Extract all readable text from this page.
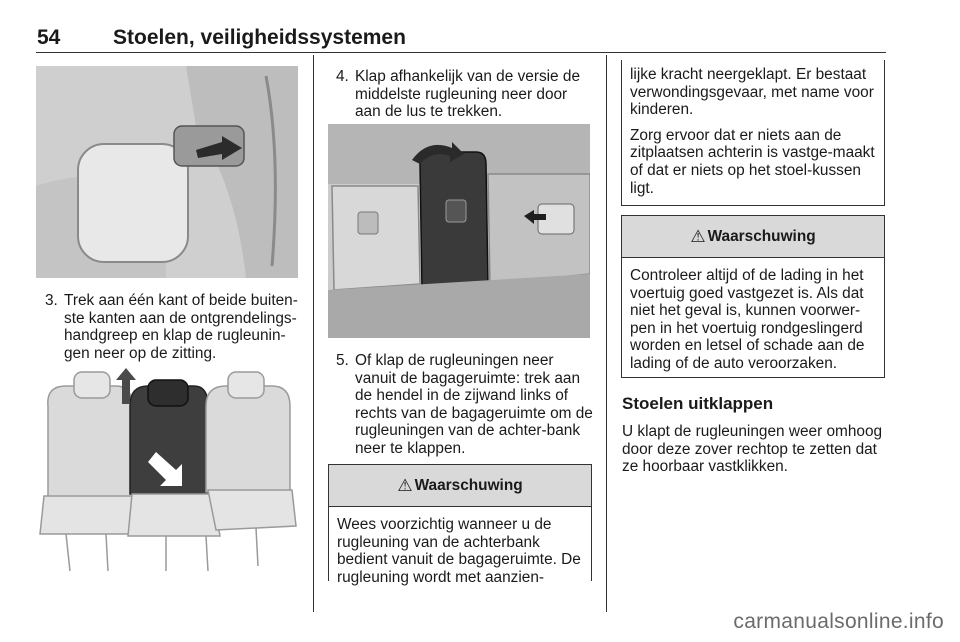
54	Stoelen, veiligheidssystemen
3. Trek aan één kant of beide buiten-ste kanten aan de ontgrendelings-handgreep en klap de rugleunin-gen neer op de zitting.
4. Klap afhankelijk van de versie de middelste rugleuning neer door aan de lus te trekken.
5. Of klap de rugleuningen neer vanuit de bagageruimte: trek aan de hendel in de zijwand links of rechts van de bagageruimte om de rugleuningen van de achter-bank neer te klappen.
⚠ Waarschuwing
Wees voorzichtig wanneer u de rugleuning van de achterbank bedient vanuit de bagageruimte. De rugleuning wordt met aanzien-

lijke kracht neergeklapt. Er bestaat verwondingsgevaar, met name voor kinderen.

Zorg ervoor dat er niets aan de zitplaatsen achterin is vastge-maakt of dat er niets op het stoel-kussen ligt.

⚠ Waarschuwing
Controleer altijd of de lading in het voertuig goed vastgezet is. Als dat niet het geval is, kunnen voorwer-pen in het voertuig rondgeslingerd worden en letsel of schade aan de lading of de auto veroorzaken.
Stoelen uitklappen
U klapt de rugleuningen weer omhoog door deze zover rechtop te zetten dat ze hoorbaar vastklikken.
carmanualsonline.info
